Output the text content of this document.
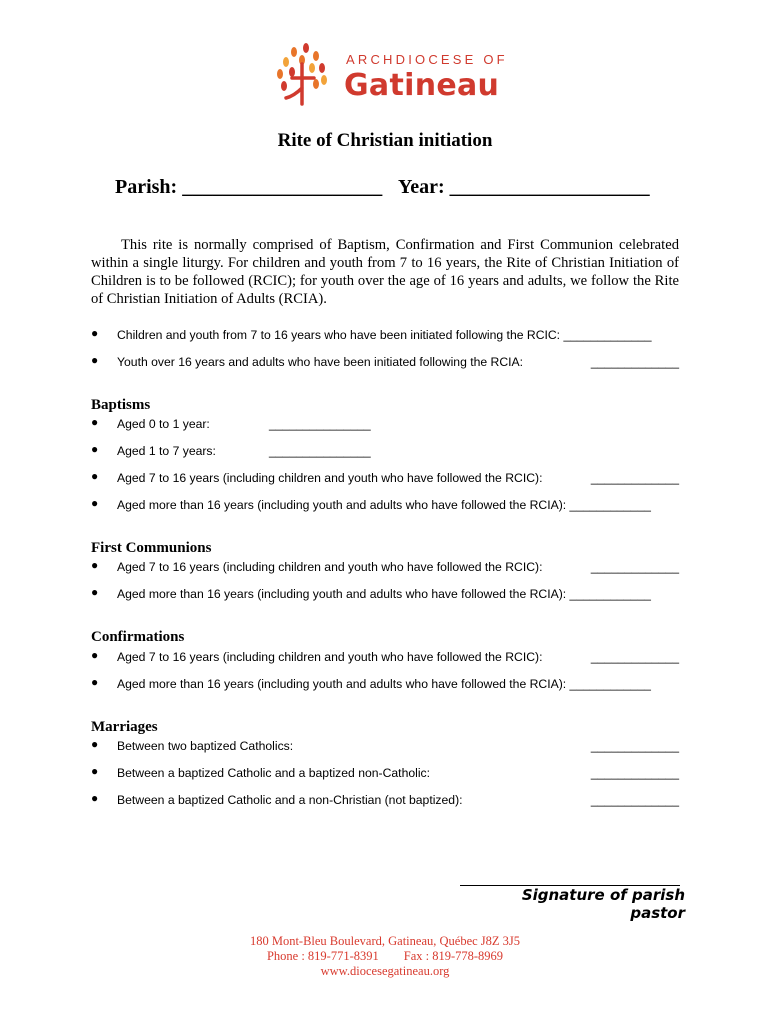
ARCHDIOCESE OF
Gatineau
Rite of Christian initiation
Parish: ____________________ Year: ____________________

This rite is normally comprised of Baptism, Confirmation and First Communion celebrated within a single liturgy. For children and youth from 7 to 16 years, the Rite of Christian Initiation of Children is to be followed (RCIC); for youth over the age of 16 years and adults, we follow the Rite of Christian Initiation of Adults (RCIA).

● Children and youth from 7 to 16 years who have been initiated following the RCIC: _____________
● Youth over 16 years and adults who have been initiated following the RCIA:	_____________
Baptisms
● Aged 0 to 1 year:	_______________
● Aged 1 to 7 years:	_______________
● Aged 7 to 16 years (including children and youth who have followed the RCIC):	_____________
● Aged more than 16 years (including youth and adults who have followed the RCIA): ____________
First Communions
● Aged 7 to 16 years (including children and youth who have followed the RCIC):	_____________
● Aged more than 16 years (including youth and adults who have followed the RCIA): ____________
Confirmations
● Aged 7 to 16 years (including children and youth who have followed the RCIC):	_____________
● Aged more than 16 years (including youth and adults who have followed the RCIA): ____________
Marriages
● Between two baptized Catholics:	_____________
● Between a baptized Catholic and a baptized non-Catholic:	_____________
● Between a baptized Catholic and a non-Christian (not baptized):	_____________
Signature of parish pastor
180 Mont-Bleu Boulevard, Gatineau, Québec J8Z 3J5
Phone : 819-771-8391        Fax : 819-778-8969
www.diocesegatineau.org
